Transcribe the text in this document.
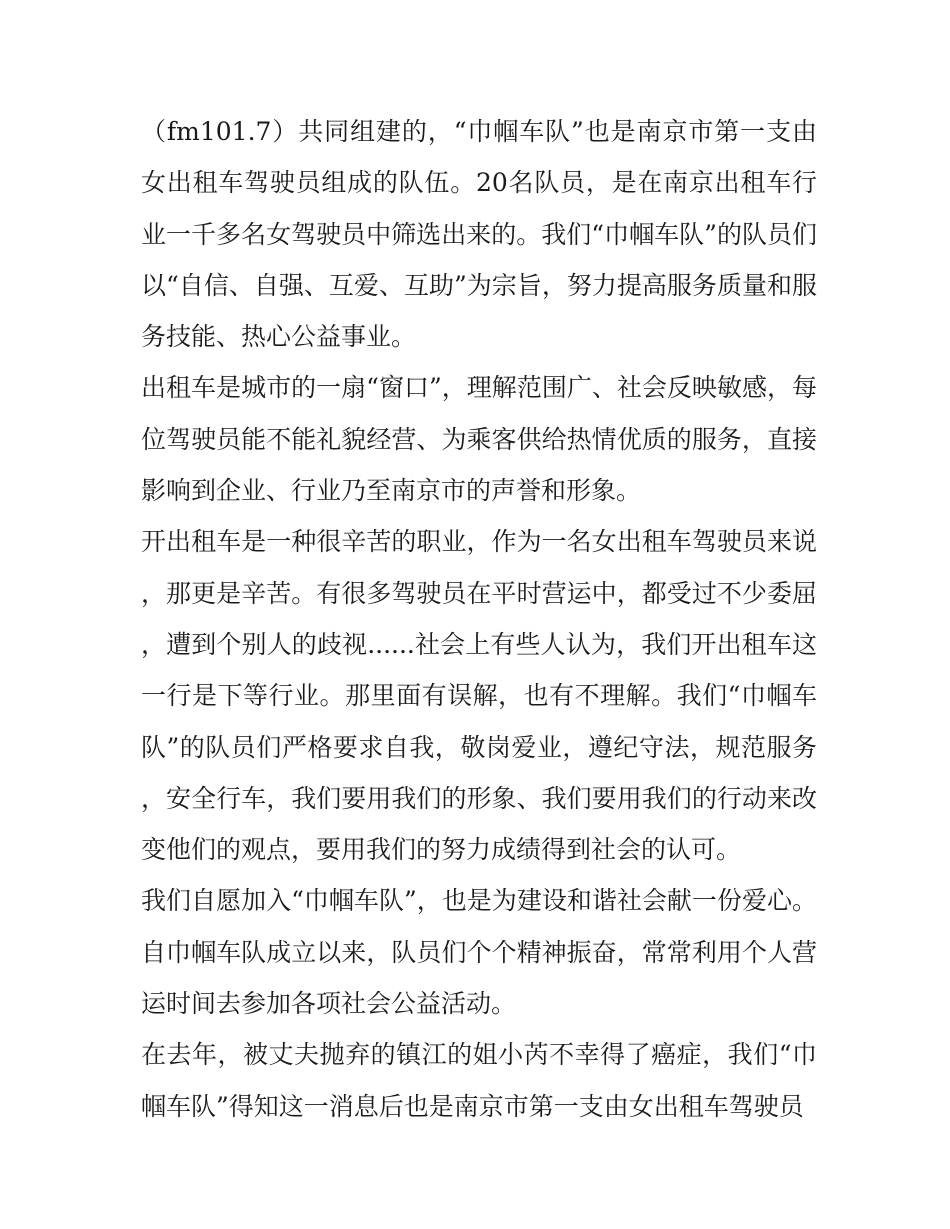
（fm101.7）共同组建的，“巾帼车队”也是南京市第一支由女出租车驾驶员组成的队伍。20名队员，是在南京出租车行业一千多名女驾驶员中筛选出来的。我们“巾帼车队”的队员们以“自信、自强、互爱、互助”为宗旨，努力提高服务质量和服务技能、热心公益事业。

出租车是城市的一扇“窗口”，理解范围广、社会反映敏感，每位驾驶员能不能礼貌经营、为乘客供给热情优质的服务，直接影响到企业、行业乃至南京市的声誉和形象。

开出租车是一种很辛苦的职业，作为一名女出租车驾驶员来说，那更是辛苦。有很多驾驶员在平时营运中，都受过不少委屈，遭到个别人的歧视......社会上有些人认为，我们开出租车这一行是下等行业。那里面有误解，也有不理解。我们“巾帼车队”的队员们严格要求自我，敬岗爱业，遵纪守法，规范服务，安全行车，我们要用我们的形象、我们要用我们的行动来改变他们的观点，要用我们的努力成绩得到社会的认可。

我们自愿加入“巾帼车队”，也是为建设和谐社会献一份爱心。自巾帼车队成立以来，队员们个个精神振奋，常常利用个人营运时间去参加各项社会公益活动。

在去年，被丈夫抛弃的镇江的姐小芮不幸得了癌症，我们“巾帼车队”得知这一消息后也是南京市第一支由女出租车驾驶员
